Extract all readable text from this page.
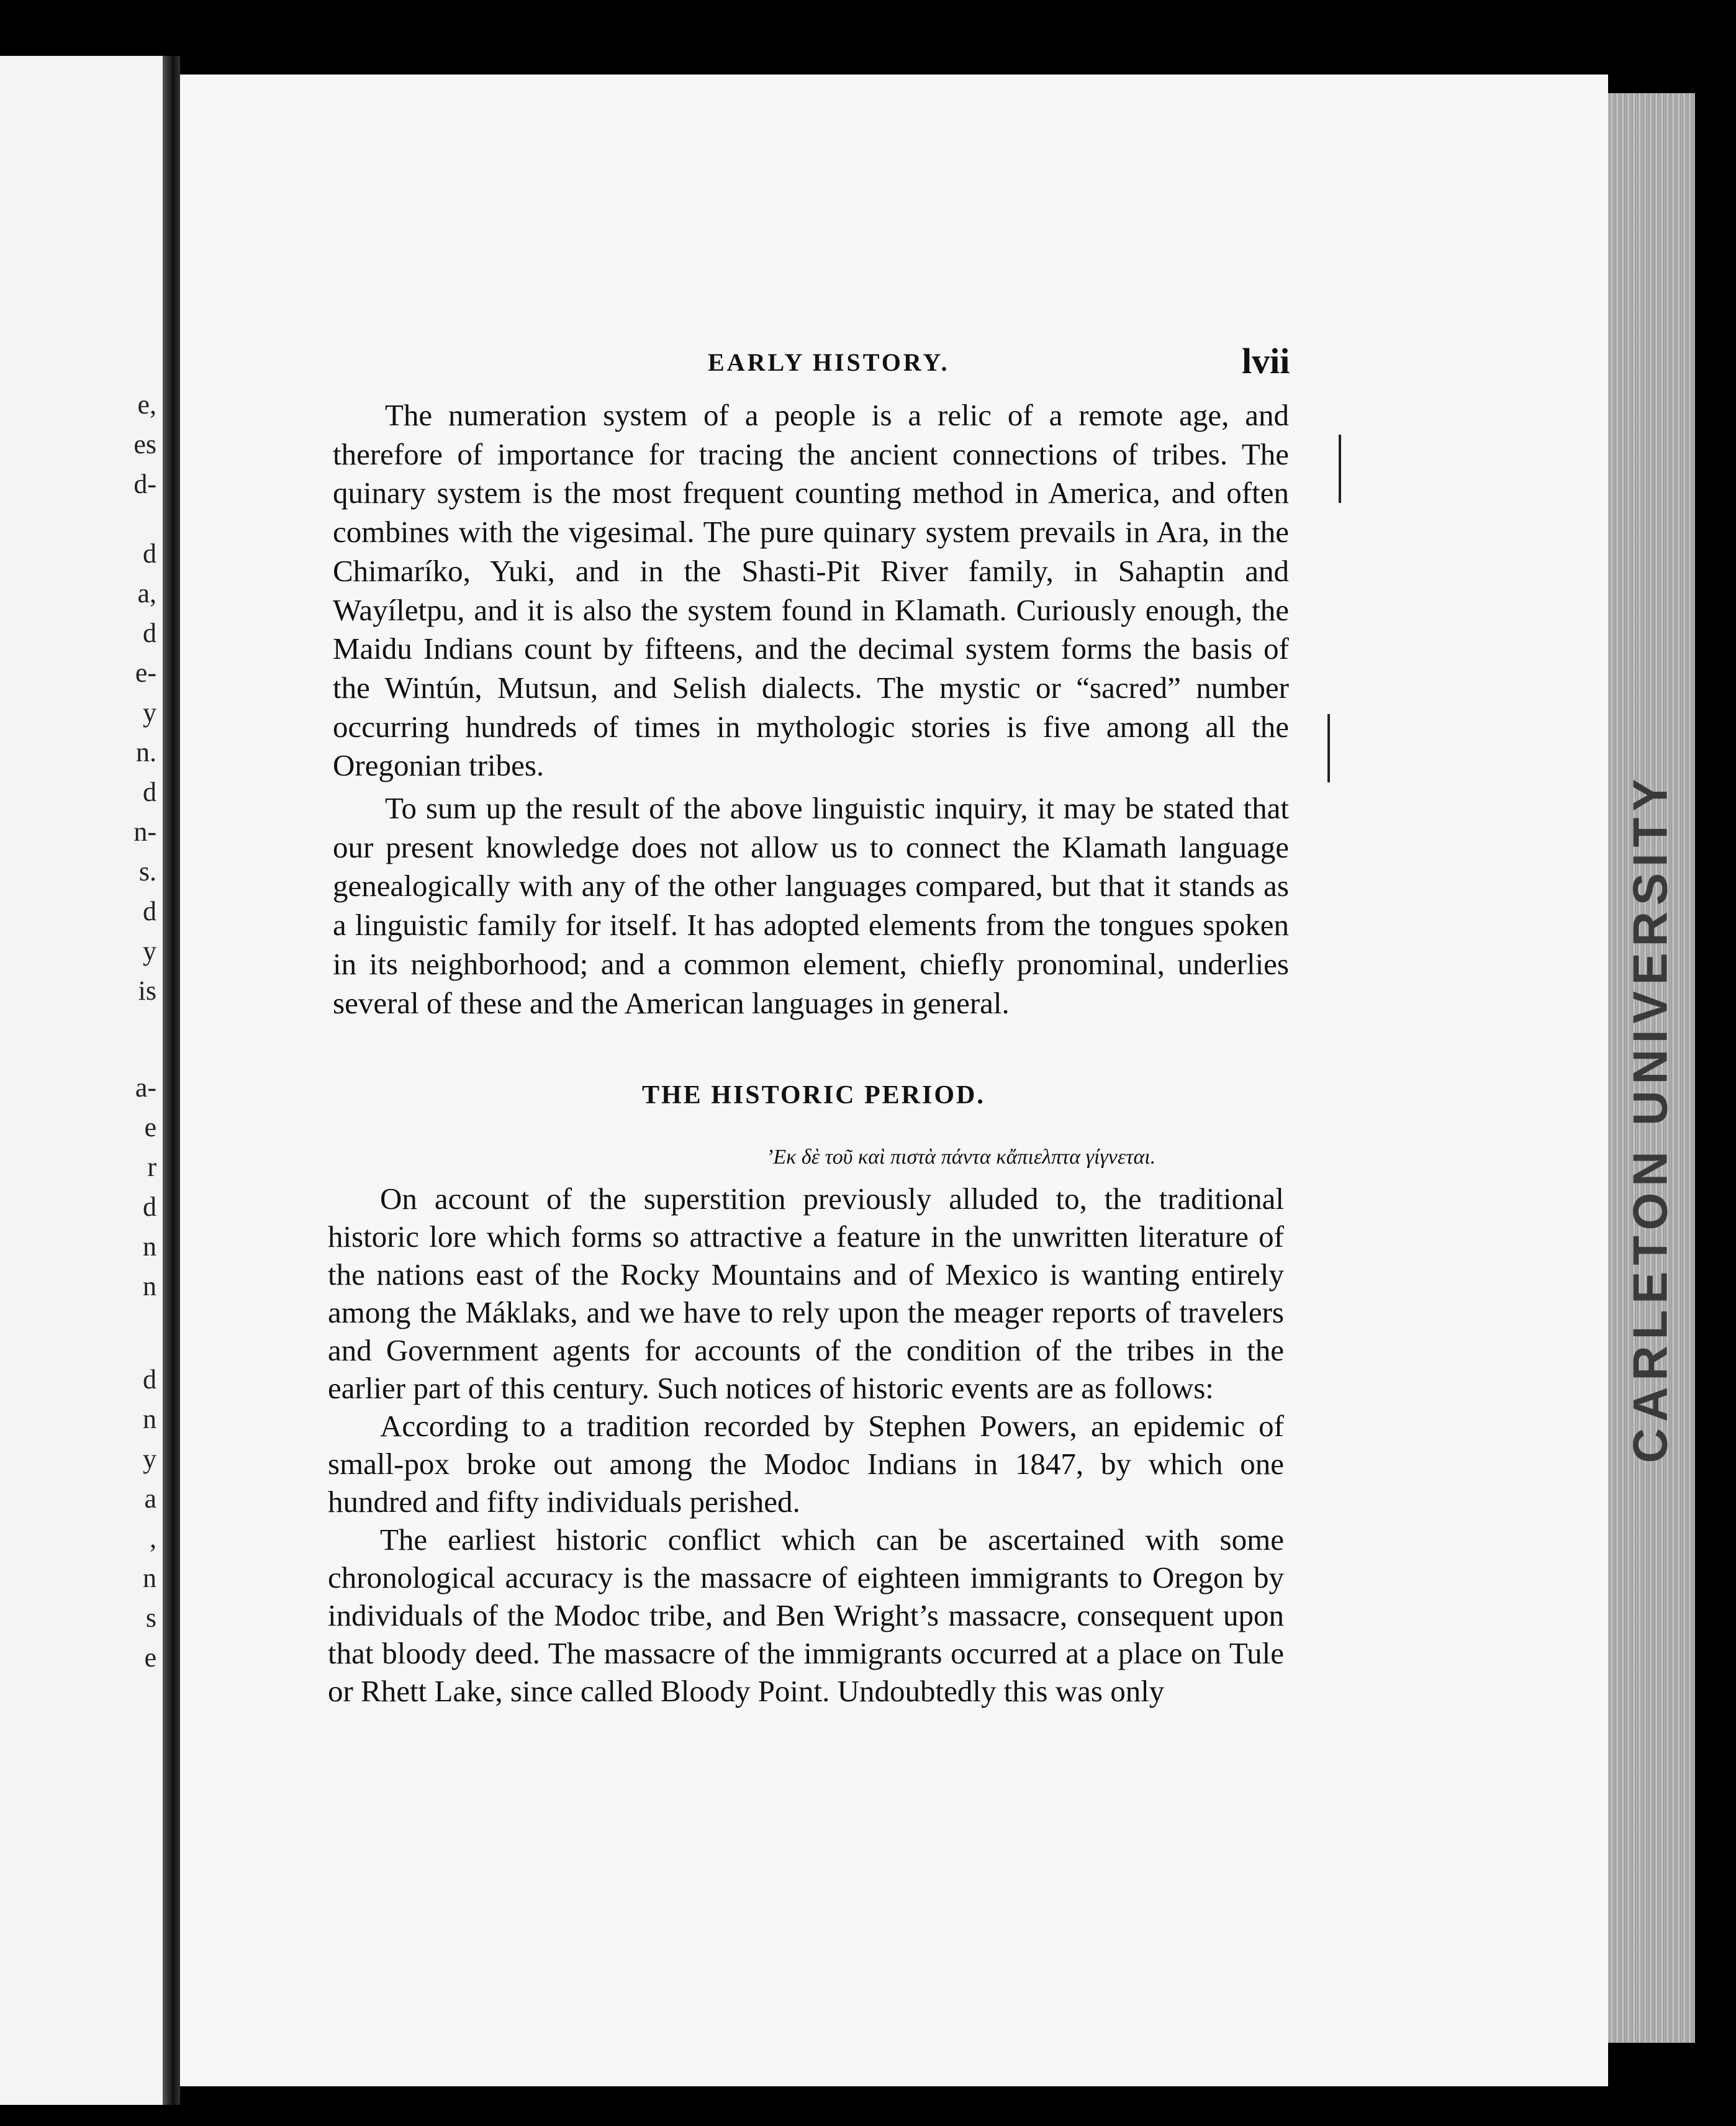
e,
es
d-
d
a,
d
e-
y
n.
d
n-
s.
d
y
is
a-
e
r
d
n
n
d
n
y
a
,
n
s
e
CARLETON UNIVERSITY
EARLY HISTORY.	lvii

The numeration system of a people is a relic of a remote age, and therefore of importance for tracing the ancient connections of tribes. The quinary system is the most frequent counting method in America, and often combines with the vigesimal. The pure quinary system prevails in Ara, in the Chimaríko, Yuki, and in the Shasti-Pit River family, in Sahaptin and Wayíletpu, and it is also the system found in Klamath. Curiously enough, the Maidu Indians count by fifteens, and the decimal system forms the basis of the Wintún, Mutsun, and Selish dialects. The mystic or “sacred” number occurring hundreds of times in mythologic stories is five among all the Oregonian tribes.

To sum up the result of the above linguistic inquiry, it may be stated that our present knowledge does not allow us to connect the Klamath language genealogically with any of the other languages compared, but that it stands as a linguistic family for itself. It has adopted elements from the tongues spoken in its neighborhood; and a common element, chiefly pronominal, underlies several of these and the American languages in general.

THE HISTORIC PERIOD.
’Εκ δὲ τοῦ καὶ πιστὰ πάντα κἄπιελπτα γίγνεται.

On account of the superstition previously alluded to, the traditional historic lore which forms so attractive a feature in the unwritten literature of the nations east of the Rocky Mountains and of Mexico is wanting entirely among the Máklaks, and we have to rely upon the meager reports of travelers and Government agents for accounts of the condition of the tribes in the earlier part of this century. Such notices of historic events are as follows:

According to a tradition recorded by Stephen Powers, an epidemic of small-pox broke out among the Modoc Indians in 1847, by which one hundred and fifty individuals perished.

The earliest historic conflict which can be ascertained with some chronological accuracy is the massacre of eighteen immigrants to Oregon by individuals of the Modoc tribe, and Ben Wright’s massacre, consequent upon that bloody deed. The massacre of the immigrants occurred at a place on Tule or Rhett Lake, since called Bloody Point. Undoubtedly this was only
